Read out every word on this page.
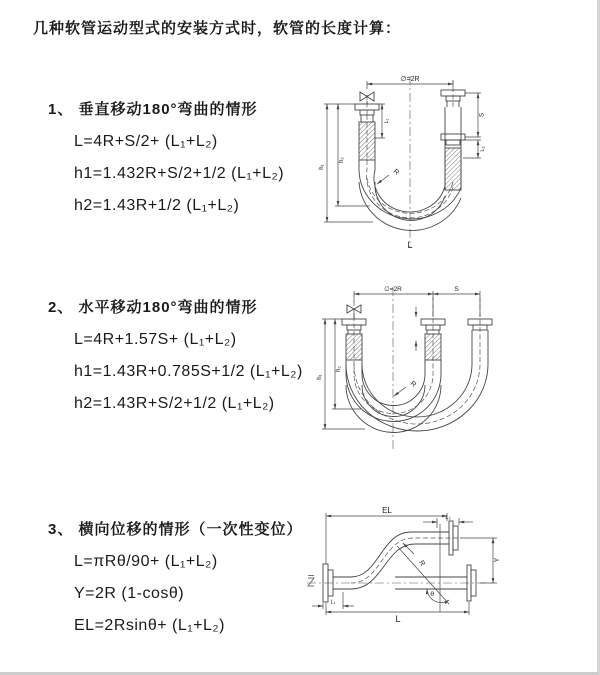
几种软管运动型式的安装方式时，软管的长度计算：

1、 垂直移动180°弯曲的情形

L=4R+S/2+ (L₁+L₂)

h1=1.432R+S/2+1/2 (L₁+L₂)

h2=1.43R+1/2 (L₁+L₂)

2、 水平移动180°弯曲的情形

L=4R+1.57S+ (L₁+L₂)

h1=1.43R+0.785S+1/2 (L₁+L₂)

h2=1.43R+S/2+1/2 (L₁+L₂)

3、 横向位移的情形（一次性变位）

L=πRθ/90+ (L₁+L₂)

Y=2R (1-cosθ)

EL=2Rsinθ+ (L₁+L₂)

∅=2R
S
L₂
L₁
h₁
h₂
R
L
∅=2R	S
h₁
h₂
R
EL
L₂
Y
R
θ
L
L₁
